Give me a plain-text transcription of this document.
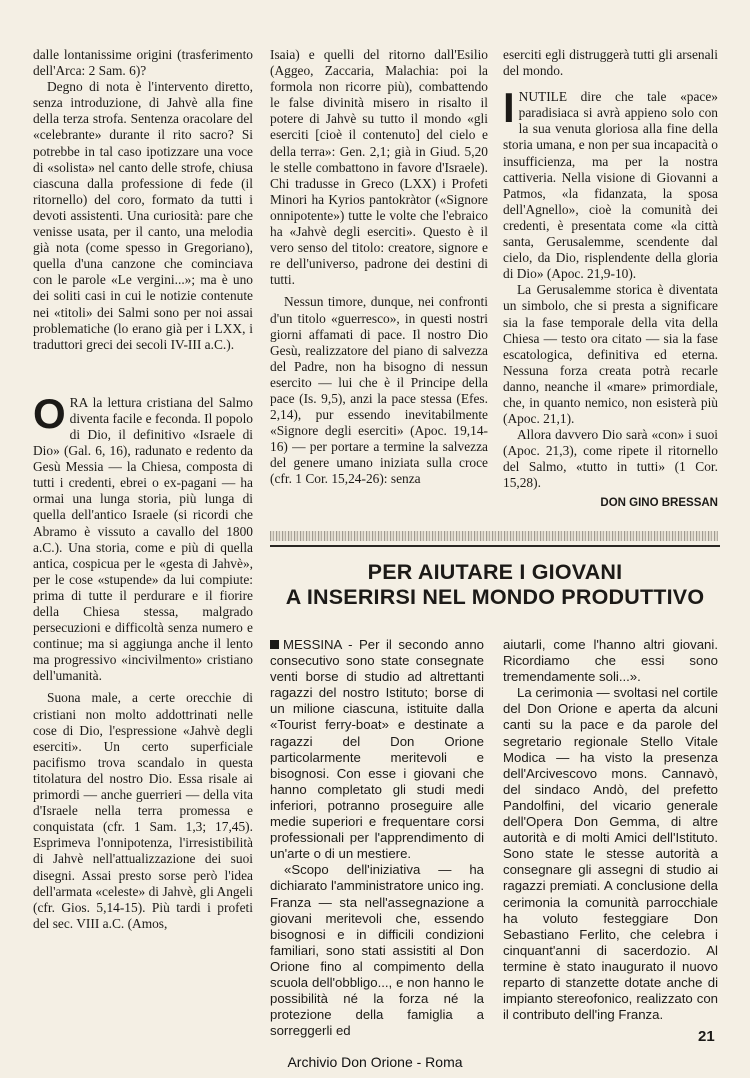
dalle lontanissime origini (trasferimento dell'Arca: 2 Sam. 6)?

Degno di nota è l'intervento diretto, senza introduzione, di Jahvè alla fine della terza strofa. Sentenza oracolare del «celebrante» durante il rito sacro? Si potrebbe in tal caso ipotizzare una voce di «solista» nel canto delle strofe, chiusa ciascuna dalla professione di fede (il ritornello) del coro, formato da tutti i devoti assistenti. Una curiosità: pare che venisse usata, per il canto, una melodia già nota (come spesso in Gregoriano), quella d'una canzone che cominciava con le parole «Le vergini...»; ma è uno dei soliti casi in cui le notizie contenute nei «titoli» dei Salmi sono per noi assai problematiche (lo erano già per i LXX, i traduttori greci dei secoli IV-III a.C.).

ORA la lettura cristiana del Salmo diventa facile e feconda. Il popolo di Dio, il definitivo «Israele di Dio» (Gal. 6, 16), radunato e redento da Gesù Messia — la Chiesa, composta di tutti i credenti, ebrei o ex-pagani — ha ormai una lunga storia, più lunga di quella dell'antico Israele (si ricordi che Abramo è vissuto a cavallo del 1800 a.C.). Una storia, come e più di quella antica, cospicua per le «gesta di Jahvè», per le cose «stupende» da lui compiute: prima di tutte il perdurare e il fiorire della Chiesa stessa, malgrado persecuzioni e difficoltà senza numero e continue; ma si aggiunga anche il lento ma progressivo «incivilmento» cristiano dell'umanità.

Suona male, a certe orecchie di cristiani non molto addottrinati nelle cose di Dio, l'espressione «Jahvè degli eserciti». Un certo superficiale pacifismo trova scandalo in questa titolatura del nostro Dio. Essa risale ai primordi — anche guerrieri — della vita d'Israele nella terra promessa e conquistata (cfr. 1 Sam. 1,3; 17,45). Esprimeva l'onnipotenza, l'irresistibilità di Jahvè nell'attualizzazione dei suoi disegni. Assai presto sorse però l'idea dell'armata «celeste» di Jahvè, gli Angeli (cfr. Gios. 5,14-15). Più tardi i profeti del sec. VIII a.C. (Amos,

Isaia) e quelli del ritorno dall'Esilio (Aggeo, Zaccaria, Malachia: poi la formola non ricorre più), combattendo le false divinità misero in risalto il potere di Jahvè su tutto il mondo «gli eserciti [cioè il contenuto] del cielo e della terra»: Gen. 2,1; già in Giud. 5,20 le stelle combattono in favore d'Israele). Chi tradusse in Greco (LXX) i Profeti Minori ha Kyrios pantokràtor («Signore onnipotente») tutte le volte che l'ebraico ha «Jahvè degli eserciti». Questo è il vero senso del titolo: creatore, signore e re dell'universo, padrone dei destini di tutti.

Nessun timore, dunque, nei confronti d'un titolo «guerresco», in questi nostri giorni affamati di pace. Il nostro Dio Gesù, realizzatore del piano di salvezza del Padre, non ha bisogno di nessun esercito — lui che è il Principe della pace (Is. 9,5), anzi la pace stessa (Efes. 2,14), pur essendo inevitabilmente «Signore degli eserciti» (Apoc. 19,14-16) — per portare a termine la salvezza del genere umano iniziata sulla croce (cfr. 1 Cor. 15,24-26): senza

eserciti egli distruggerà tutti gli arsenali del mondo.

INUTILE dire che tale «pace» paradisiaca si avrà appieno solo con la sua venuta gloriosa alla fine della storia umana, e non per sua incapacità o insufficienza, ma per la nostra cattiveria. Nella visione di Giovanni a Patmos, «la fidanzata, la sposa dell'Agnello», cioè la comunità dei credenti, è presentata come «la città santa, Gerusalemme, scendente dal cielo, da Dio, risplendente della gloria di Dio» (Apoc. 21,9-10).

La Gerusalemme storica è diventata un simbolo, che si presta a significare sia la fase temporale della vita della Chiesa — testo ora citato — sia la fase escatologica, definitiva ed eterna. Nessuna forza creata potrà recarle danno, neanche il «mare» primordiale, che, in quanto nemico, non esisterà più (Apoc. 21,1).

Allora davvero Dio sarà «con» i suoi (Apoc. 21,3), come ripete il ritornello del Salmo, «tutto in tutti» (1 Cor. 15,28).

DON GINO BRESSAN
PER AIUTARE I GIOVANI
A INSERIRSI NEL MONDO PRODUTTIVO

MESSINA - Per il secondo anno consecutivo sono state consegnate venti borse di studio ad altrettanti ragazzi del nostro Istituto; borse di un milione ciascuna, istituite dalla «Tourist ferry-boat» e destinate a ragazzi del Don Orione particolarmente meritevoli e bisognosi. Con esse i giovani che hanno completato gli studi medi inferiori, potranno proseguire alle medie superiori e frequentare corsi professionali per l'apprendimento di un'arte o di un mestiere.

«Scopo dell'iniziativa — ha dichiarato l'amministratore unico ing. Franza — sta nell'assegnazione a giovani meritevoli che, essendo bisognosi e in difficili condizioni familiari, sono stati assistiti al Don Orione fino al compimento della scuola dell'obbligo..., e non hanno le possibilità né la forza né la protezione della famiglia a sorreggerli ed

aiutarli, come l'hanno altri giovani. Ricordiamo che essi sono tremendamente soli...».

La cerimonia — svoltasi nel cortile del Don Orione e aperta da alcuni canti su la pace e da parole del segretario regionale Stello Vitale Modica — ha visto la presenza dell'Arcivescovo mons. Cannavò, del sindaco Andò, del prefetto Pandolfini, del vicario generale dell'Opera Don Gemma, di altre autorità e di molti Amici dell'Istituto. Sono state le stesse autorità a consegnare gli assegni di studio ai ragazzi premiati. A conclusione della cerimonia la comunità parrocchiale ha voluto festeggiare Don Sebastiano Ferlito, che celebra i cinquant'anni di sacerdozio. Al termine è stato inaugurato il nuovo reparto di stanzette dotate anche di impianto stereofonico, realizzato con il contributo dell'ing Franza.

21
Archivio Don Orione - Roma
